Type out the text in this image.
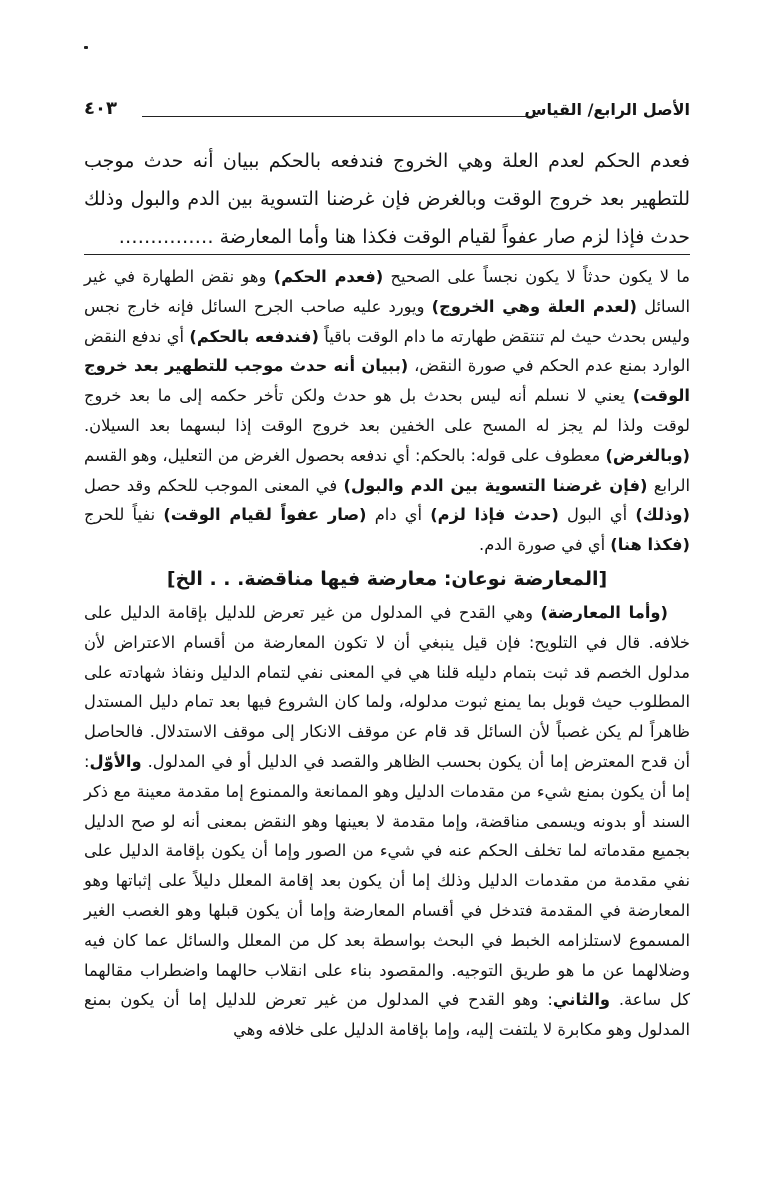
الأصل الرابع/ القياس
٤٠٣

فعدم الحكم لعدم العلة وهي الخروج فندفعه بالحكم ببيان أنه حدث موجب

للتطهير بعد خروج الوقت وبالغرض فإن غرضنا التسوية بين الدم والبول وذلك

حدث فإذا لزم صار عفواً لقيام الوقت فكذا هنا وأما المعارضة ……………

ما لا يكون حدثاً لا يكون نجساً على الصحيح (فعدم الحكم) وهو نقض الطهارة في غير السائل (لعدم العلة وهي الخروج) ويورد عليه صاحب الجرح السائل فإنه خارج نجس وليس بحدث حيث لم تنتقض طهارته ما دام الوقت باقياً (فندفعه بالحكم) أي ندفع النقض الوارد بمنع عدم الحكم في صورة النقض، (ببيان أنه حدث موجب للتطهير بعد خروج الوقت) يعني لا نسلم أنه ليس بحدث بل هو حدث ولكن تأخر حكمه إلى ما بعد خروج لوقت ولذا لم يجز له المسح على الخفين بعد خروج الوقت إذا لبسهما بعد السيلان. (وبالغرض) معطوف على قوله: بالحكم: أي ندفعه بحصول الغرض من التعليل، وهو القسم الرابع (فإن غرضنا التسوية بين الدم والبول) في المعنى الموجب للحكم وقد حصل (وذلك) أي البول (حدث فإذا لزم) أي دام (صار عفواً لقيام الوقت) نفياً للحرج (فكذا هنا) أي في صورة الدم.

[المعارضة نوعان: معارضة فيها مناقضة. . . الخ]

(وأما المعارضة) وهي القدح في المدلول من غير تعرض للدليل بإقامة الدليل على خلافه. قال في التلويح: فإن قيل ينبغي أن لا تكون المعارضة من أقسام الاعتراض لأن مدلول الخصم قد ثبت بتمام دليله قلنا هي في المعنى نفي لتمام الدليل ونفاذ شهادته على المطلوب حيث قوبل بما يمنع ثبوت مدلوله، ولما كان الشروع فيها بعد تمام دليل المستدل ظاهراً لم يكن غصباً لأن السائل قد قام عن موقف الانكار إلى موقف الاستدلال. فالحاصل أن قدح المعترض إما أن يكون بحسب الظاهر والقصد في الدليل أو في المدلول. والأوّل: إما أن يكون بمنع شيء من مقدمات الدليل وهو الممانعة والممنوع إما مقدمة معينة مع ذكر السند أو بدونه ويسمى مناقضة، وإما مقدمة لا بعينها وهو النقض بمعنى أنه لو صح الدليل بجميع مقدماته لما تخلف الحكم عنه في شيء من الصور وإما أن يكون بإقامة الدليل على نفي مقدمة من مقدمات الدليل وذلك إما أن يكون بعد إقامة المعلل دليلاً على إثباتها وهو المعارضة في المقدمة فتدخل في أقسام المعارضة وإما أن يكون قبلها وهو الغصب الغير المسموع لاستلزامه الخبط في البحث بواسطة بعد كل من المعلل والسائل عما كان فيه وضلالهما عن ما هو طريق التوجيه. والمقصود بناء على انقلاب حالهما واضطراب مقالهما كل ساعة. والثاني: وهو القدح في المدلول من غير تعرض للدليل إما أن يكون بمنع المدلول وهو مكابرة لا يلتفت إليه، وإما بإقامة الدليل على خلافه وهي
